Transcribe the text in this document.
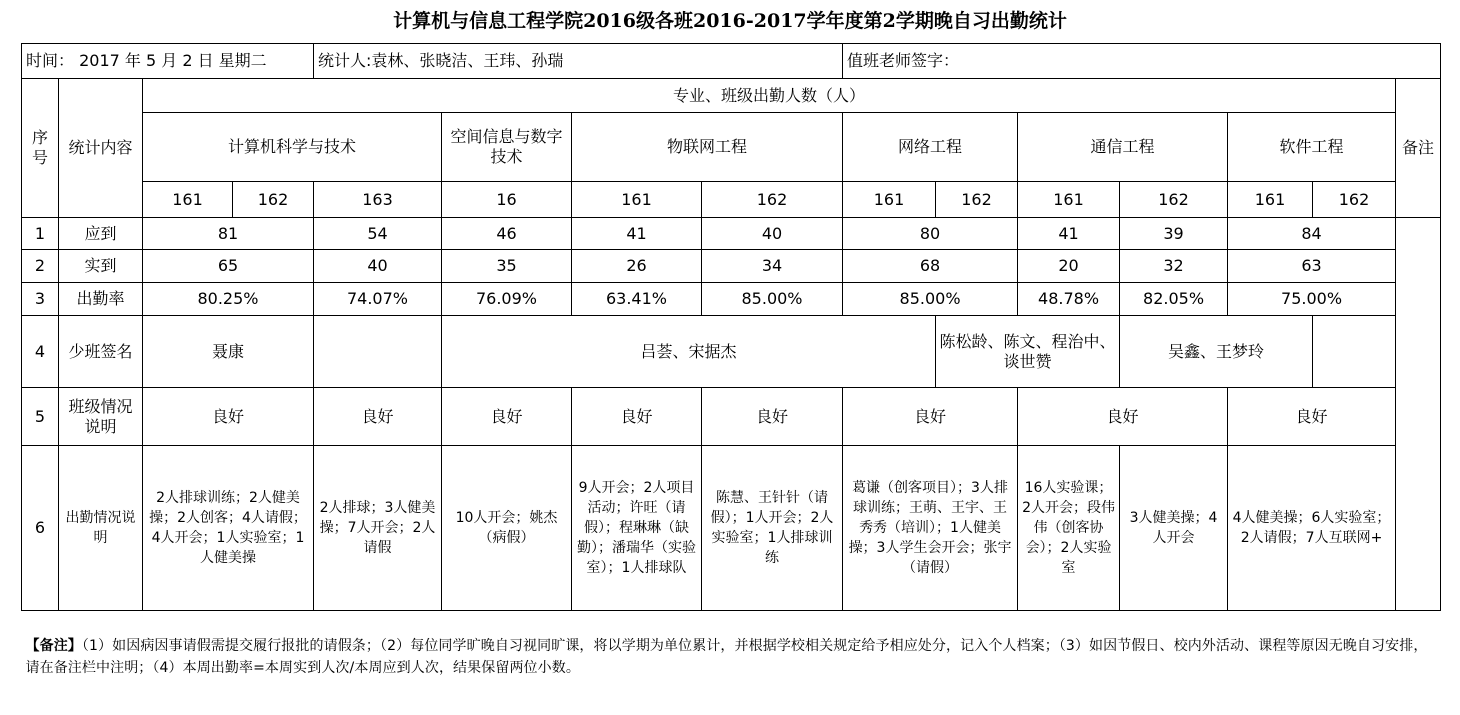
计算机与信息工程学院2016级各班2016-2017学年度第2学期晚自习出勤统计
时间： 2017 年 5 月 2 日 星期二				统计人:袁林、张晓洁、王玮、孙瑞				值班老师签字：						
序号	统计内容	专业、班级出勤人数（人）												备注
		计算机科学与技术			空间信息与数字技术	物联网工程		网络工程		通信工程		软件工程		
		161	162	163	16	161	162	161	162	161	162	161	162	
1	应到	81		54	46	41	40	80		41	39	84		
2	实到	65		40	35	26	34	68		20	32	63		
3	出勤率	80.25%		74.07%	76.09%	63.41%	85.00%	85.00%		48.78%	82.05%	75.00%		
4	少班签名	聂康			吕荟、宋据杰				陈松龄、陈文、程治中、谈世赞		吴鑫、王梦玲			
5	班级情况说明	良好		良好	良好	良好	良好	良好		良好		良好		
6	出勤情况说明	2人排球训练；2人健美操；2人创客；4人请假；4人开会；1人实验室；1人健美操		2人排球；3人健美操；7人开会；2人请假	10人开会；姚杰（病假）	9人开会；2人项目活动；许旺（请假）；程琳琳（缺勤）；潘瑞华（实验室）；1人排球队	陈慧、王针针（请假）；1人开会；2人实验室；1人排球训练	葛谦（创客项目）；3人排球训练；王萌、王宇、王秀秀（培训）；1人健美操；3人学生会开会；张宇（请假）		16人实验课；2人开会；段伟伟（创客协会）；2人实验室	3人健美操；4人开会	4人健美操；6人实验室；2人请假；7人互联网+		

【备注】（1）如因病因事请假需提交履行报批的请假条；（2）每位同学旷晚自习视同旷课，将以学期为单位累计，并根据学校相关规定给予相应处分，记入个人档案；（3）如因节假日、校内外活动、课程等原因无晚自习安排，请在备注栏中注明；（4）本周出勤率=本周实到人次/本周应到人次，结果保留两位小数。														
